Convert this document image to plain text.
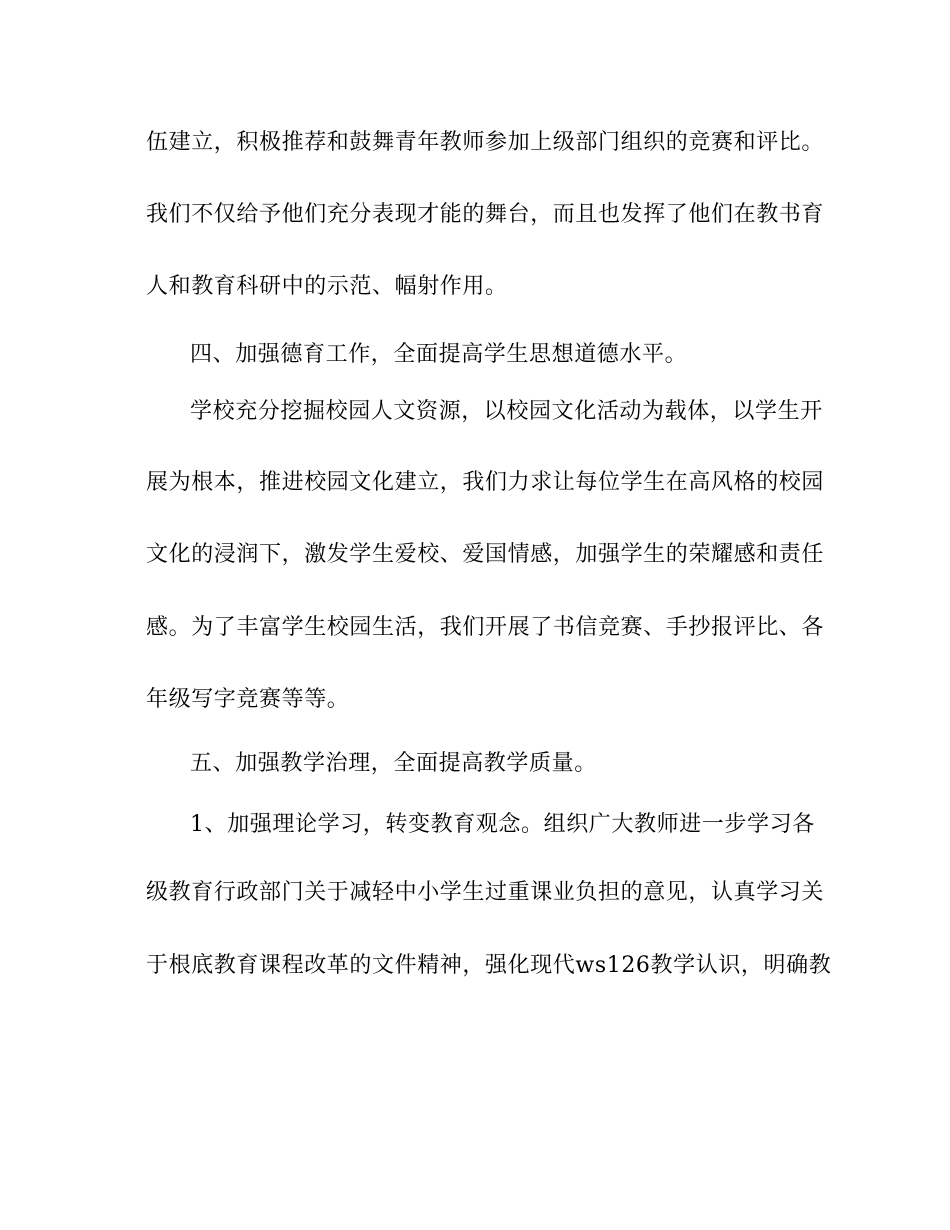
伍建立，积极推荐和鼓舞青年教师参加上级部门组织的竞赛和评比。
我们不仅给予他们充分表现才能的舞台，而且也发挥了他们在教书育
人和教育科研中的示范、幅射作用。
四、加强德育工作，全面提高学生思想道德水平。
学校充分挖掘校园人文资源，以校园文化活动为载体，以学生开
展为根本，推进校园文化建立，我们力求让每位学生在高风格的校园
文化的浸润下，激发学生爱校、爱国情感，加强学生的荣耀感和责任
感。为了丰富学生校园生活，我们开展了书信竞赛、手抄报评比、各
年级写字竞赛等等。
五、加强教学治理，全面提高教学质量。
1、加强理论学习，转变教育观念。组织广大教师进一步学习各
级教育行政部门关于减轻中小学生过重课业负担的意见，认真学习关
于根底教育课程改革的文件精神，强化现代ws126教学认识，明确教
